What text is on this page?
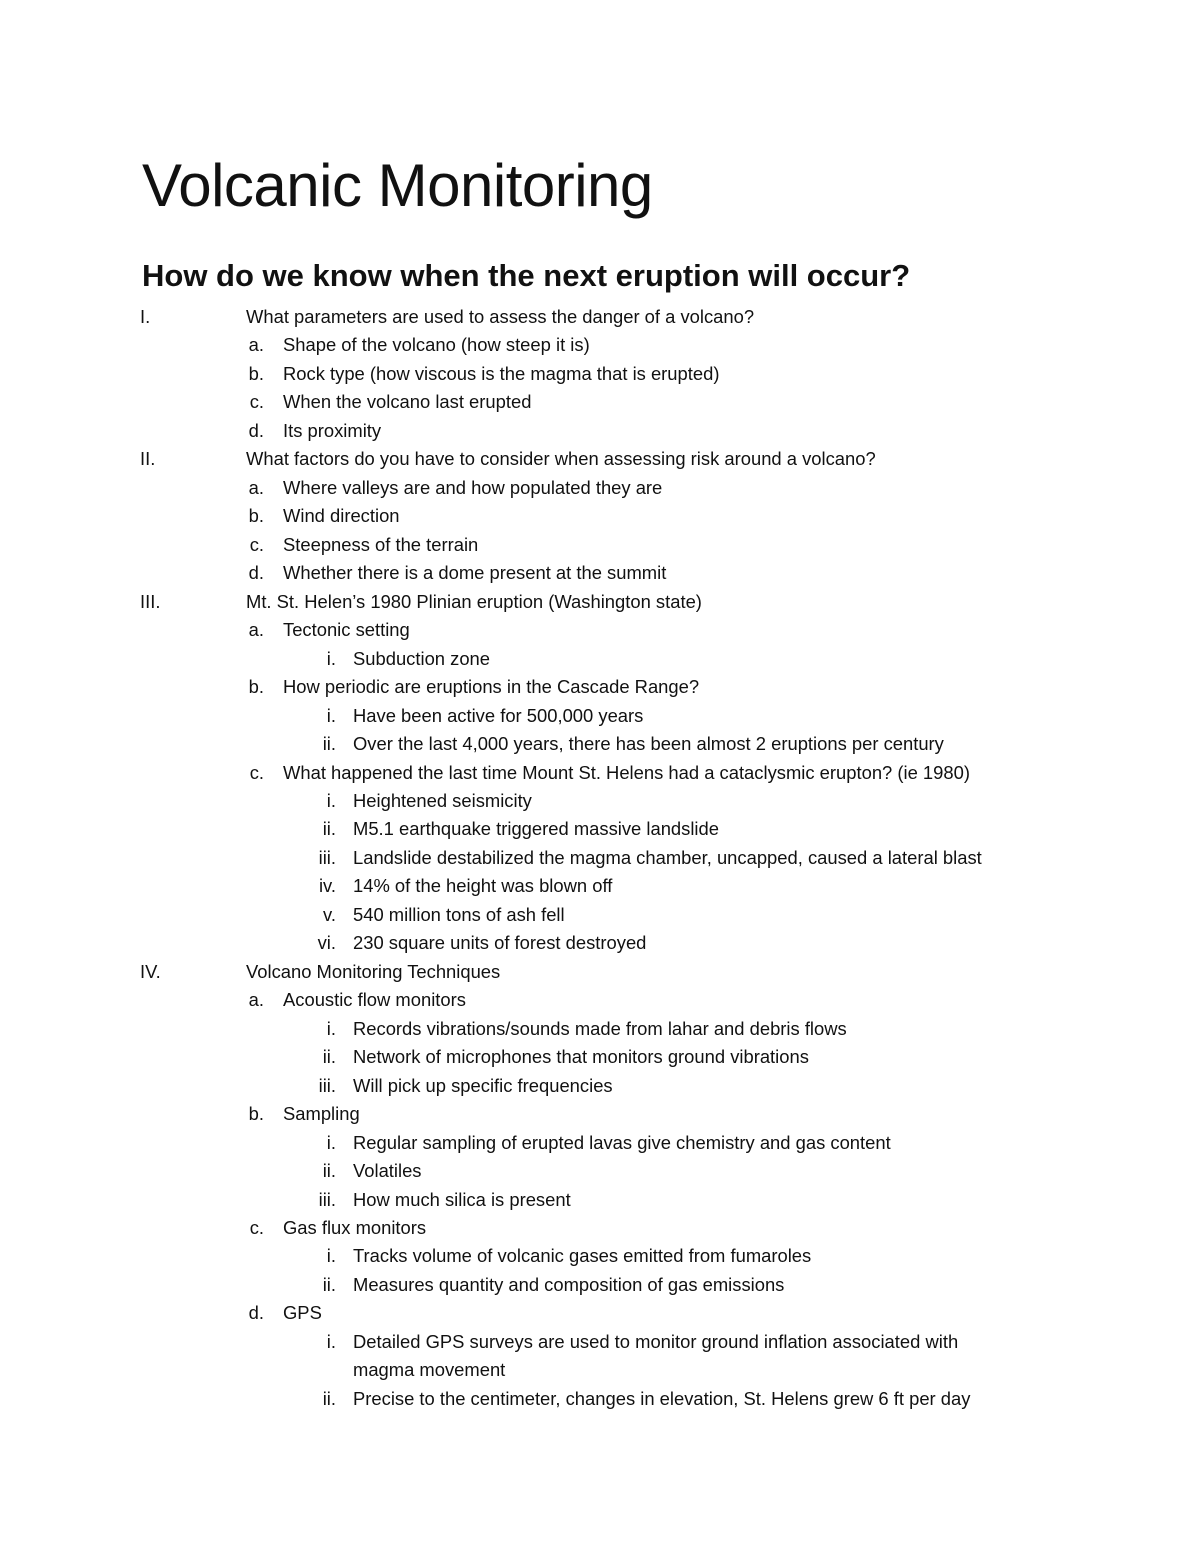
Volcanic Monitoring
How do we know when the next eruption will occur?
I.	What parameters are used to assess the danger of a volcano?
a. Shape of the volcano (how steep it is)
b. Rock type (how viscous is the magma that is erupted)
c. When the volcano last erupted
d. Its proximity
II.	What factors do you have to consider when assessing risk around a volcano?
a. Where valleys are and how populated they are
b. Wind direction
c. Steepness of the terrain
d. Whether there is a dome present at the summit
III.	Mt. St. Helen’s 1980 Plinian eruption (Washington state)
a. Tectonic setting
i. Subduction zone
b. How periodic are eruptions in the Cascade Range?
i. Have been active for 500,000 years
ii. Over the last 4,000 years, there has been almost 2 eruptions per century
c. What happened the last time Mount St. Helens had a cataclysmic erupton? (ie 1980)
i. Heightened seismicity
ii. M5.1 earthquake triggered massive landslide
iii. Landslide destabilized the magma chamber, uncapped, caused a lateral blast
iv. 14% of the height was blown off
v. 540 million tons of ash fell
vi. 230 square units of forest destroyed
IV.	Volcano Monitoring Techniques
a. Acoustic flow monitors
i. Records vibrations/sounds made from lahar and debris flows
ii. Network of microphones that monitors ground vibrations
iii. Will pick up specific frequencies
b. Sampling
i. Regular sampling of erupted lavas give chemistry and gas content
ii. Volatiles
iii. How much silica is present
c. Gas flux monitors
i. Tracks volume of volcanic gases emitted from fumaroles
ii. Measures quantity and composition of gas emissions
d. GPS
i. Detailed GPS surveys are used to monitor ground inflation associated with
magma movement
ii. Precise to the centimeter, changes in elevation, St. Helens grew 6 ft per day
